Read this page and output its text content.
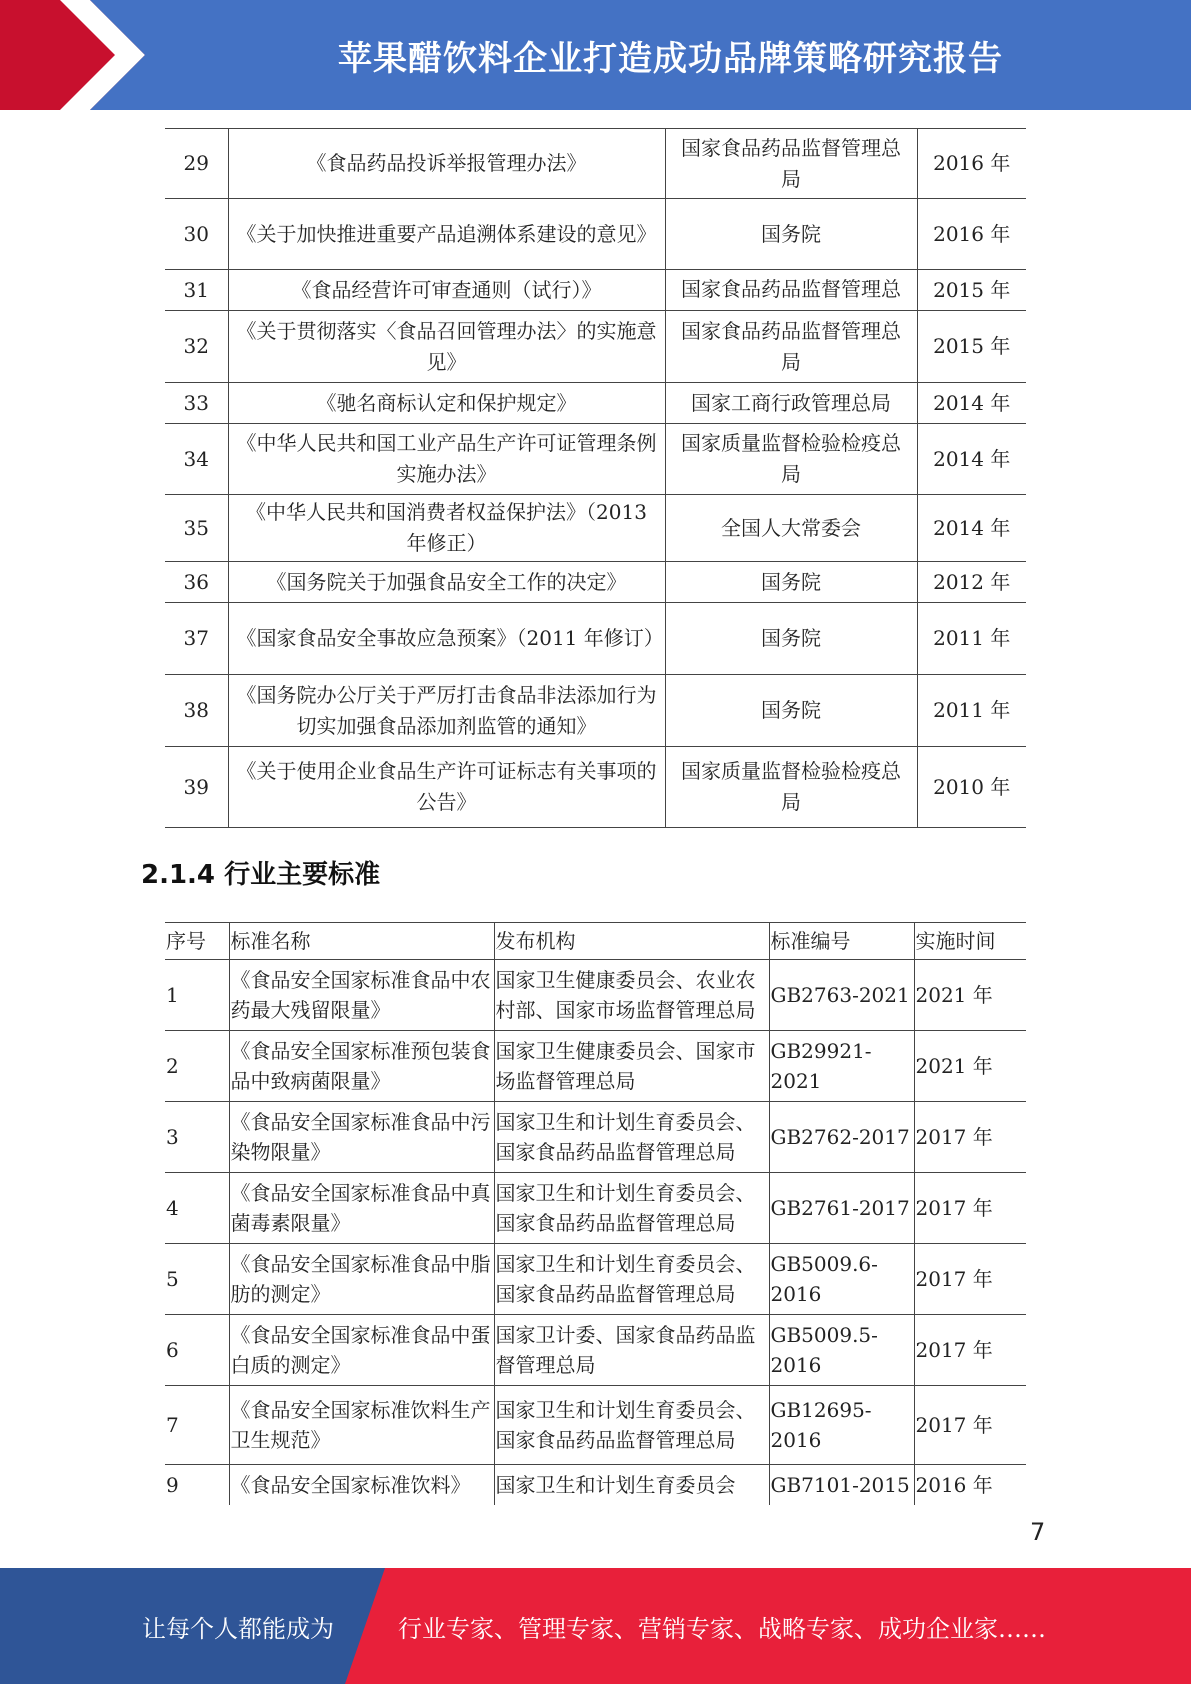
苹果醋饮料企业打造成功品牌策略研究报告
29	《食品药品投诉举报管理办法》	国家食品药品监督管理总局	2016 年
30	《关于加快推进重要产品追溯体系建设的意见》	国务院	2016 年
31	《食品经营许可审查通则（试行）》	国家食品药品监督管理总	2015 年
32	《关于贯彻落实〈食品召回管理办法〉的实施意见》	国家食品药品监督管理总局	2015 年
33	《驰名商标认定和保护规定》	国家工商行政管理总局	2014 年
34	《中华人民共和国工业产品生产许可证管理条例实施办法》	国家质量监督检验检疫总局	2014 年
35	《中华人民共和国消费者权益保护法》（2013 年修正）	全国人大常委会	2014 年
36	《国务院关于加强食品安全工作的决定》	国务院	2012 年
37	《国家食品安全事故应急预案》（2011 年修订）	国务院	2011 年
38	《国务院办公厅关于严厉打击食品非法添加行为切实加强食品添加剂监管的通知》	国务院	2011 年
39	《关于使用企业食品生产许可证标志有关事项的公告》	国家质量监督检验检疫总局	2010 年
2.1.4 行业主要标准
序号	标准名称	发布机构	标准编号	实施时间
1	《食品安全国家标准食品中农药最大残留限量》	国家卫生健康委员会、农业农村部、国家市场监督管理总局	GB2763-2021	2021 年
2	《食品安全国家标准预包装食品中致病菌限量》	国家卫生健康委员会、国家市场监督管理总局	GB29921-2021	2021 年
3	《食品安全国家标准食品中污染物限量》	国家卫生和计划生育委员会、国家食品药品监督管理总局	GB2762-2017	2017 年
4	《食品安全国家标准食品中真菌毒素限量》	国家卫生和计划生育委员会、国家食品药品监督管理总局	GB2761-2017	2017 年
5	《食品安全国家标准食品中脂肪的测定》	国家卫生和计划生育委员会、国家食品药品监督管理总局	GB5009.6-2016	2017 年
6	《食品安全国家标准食品中蛋白质的测定》	国家卫计委、国家食品药品监督管理总局	GB5009.5-2016	2017 年
7	《食品安全国家标准饮料生产卫生规范》	国家卫生和计划生育委员会、国家食品药品监督管理总局	GB12695-2016	2017 年
9	《食品安全国家标准饮料》	国家卫生和计划生育委员会	GB7101-2015	2016 年
7
让每个人都能成为	行业专家、管理专家、营销专家、战略专家、成功企业家……
